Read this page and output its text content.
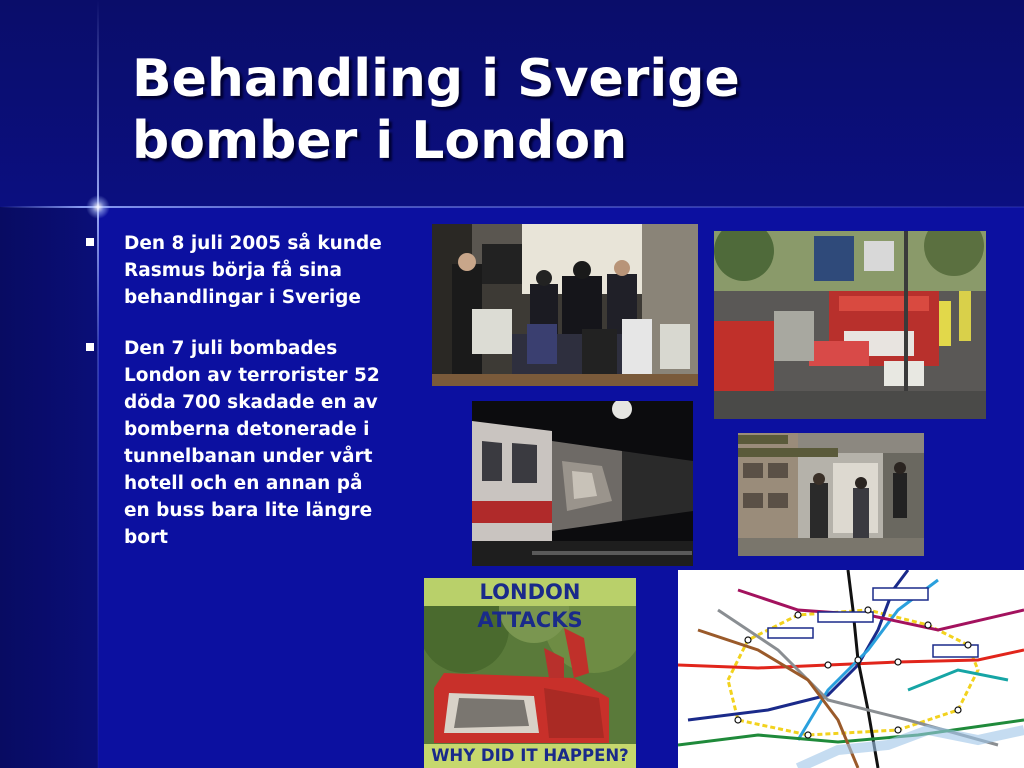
Behandling i Sverige
bomber i London
Den 8 juli 2005 så kunde Rasmus börja få sina behandlingar i Sverige
Den 7 juli bombades London av terrorister 52 döda 700 skadade en av bomberna detonerade i tunnelbanan under vårt hotell och en annan på en buss bara lite längre bort
LONDON ATTACKS
WHY DID IT HAPPEN?
